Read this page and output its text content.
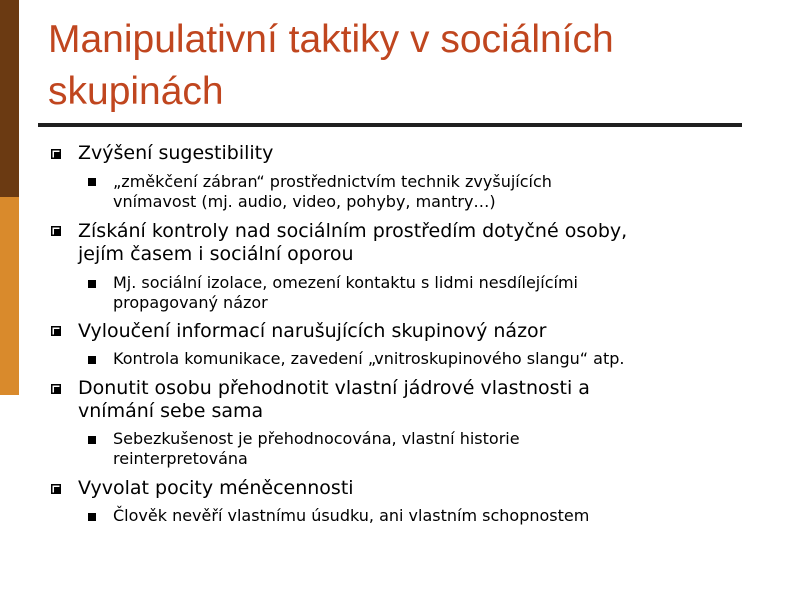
Manipulativní taktiky v sociálních
skupinách
Zvýšení sugestibility
„změkčení zábran“ prostřednictvím technik zvyšujících
vnímavost (mj. audio, video, pohyby, mantry…)
Získání kontroly nad sociálním prostředím dotyčné osoby,
jejím časem i sociální oporou
Mj. sociální izolace, omezení kontaktu s lidmi nesdílejícími
propagovaný názor
Vyloučení informací narušujících skupinový názor
Kontrola komunikace, zavedení „vnitroskupinového slangu“ atp.
Donutit osobu přehodnotit vlastní jádrové vlastnosti a
vnímání sebe sama
Sebezkušenost je přehodnocována, vlastní historie
reinterpretována
Vyvolat pocity méněcennosti
Člověk nevěří vlastnímu úsudku, ani vlastním schopnostem
